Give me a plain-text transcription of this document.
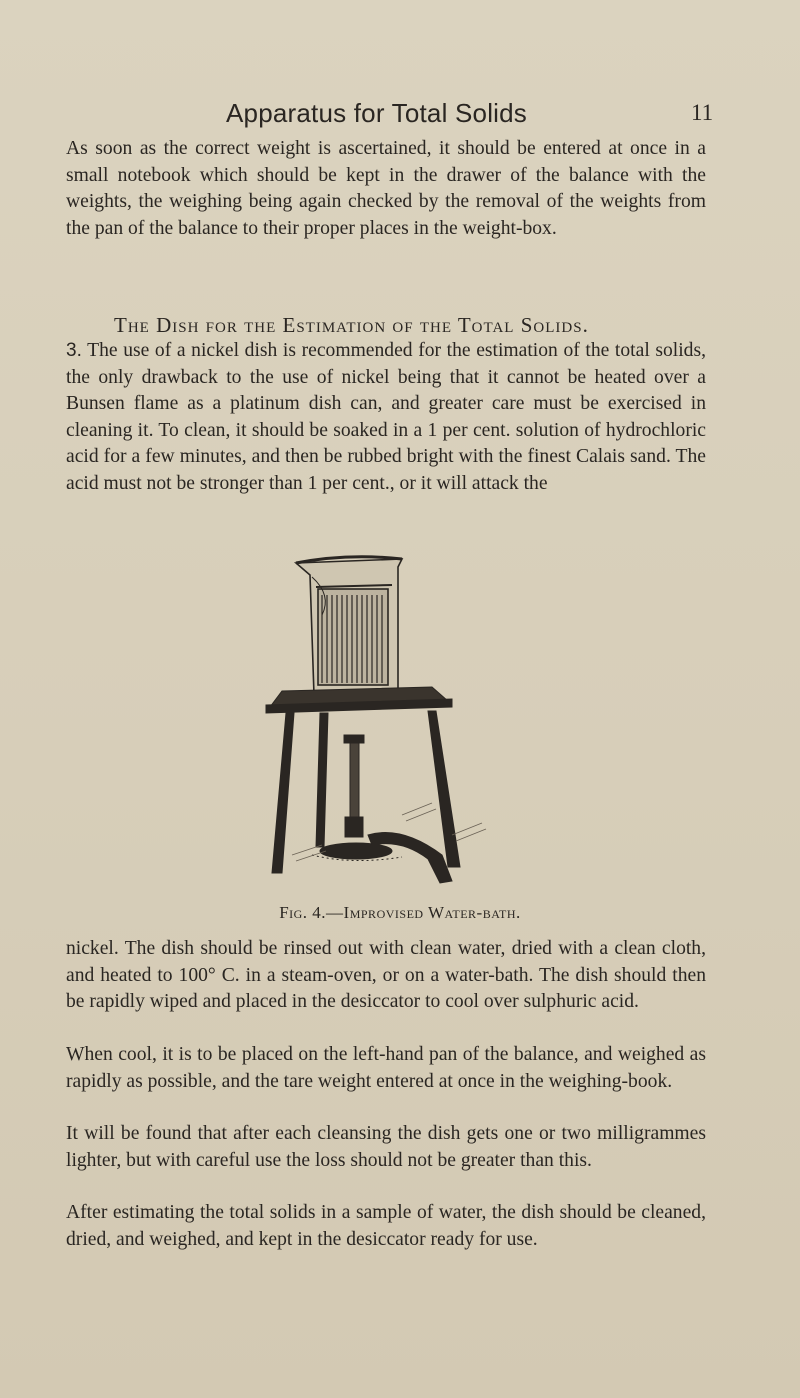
Apparatus for Total Solids	11

As soon as the correct weight is ascertained, it should be entered at once in a small notebook which should be kept in the drawer of the balance with the weights, the weighing being again checked by the removal of the weights from the pan of the balance to their proper places in the weight-box.

The Dish for the Estimation of the Total Solids.

3. The use of a nickel dish is recommended for the estimation of the total solids, the only drawback to the use of nickel being that it cannot be heated over a Bunsen flame as a platinum dish can, and greater care must be exercised in cleaning it. To clean, it should be soaked in a 1 per cent. solution of hydrochloric acid for a few minutes, and then be rubbed bright with the finest Calais sand. The acid must not be stronger than 1 per cent., or it will attack the

Fig. 4.—Improvised Water-bath.

nickel. The dish should be rinsed out with clean water, dried with a clean cloth, and heated to 100° C. in a steam-oven, or on a water-bath. The dish should then be rapidly wiped and placed in the desiccator to cool over sulphuric acid.

When cool, it is to be placed on the left-hand pan of the balance, and weighed as rapidly as possible, and the tare weight entered at once in the weighing-book.

It will be found that after each cleansing the dish gets one or two milligrammes lighter, but with careful use the loss should not be greater than this.

After estimating the total solids in a sample of water, the dish should be cleaned, dried, and weighed, and kept in the desiccator ready for use.
